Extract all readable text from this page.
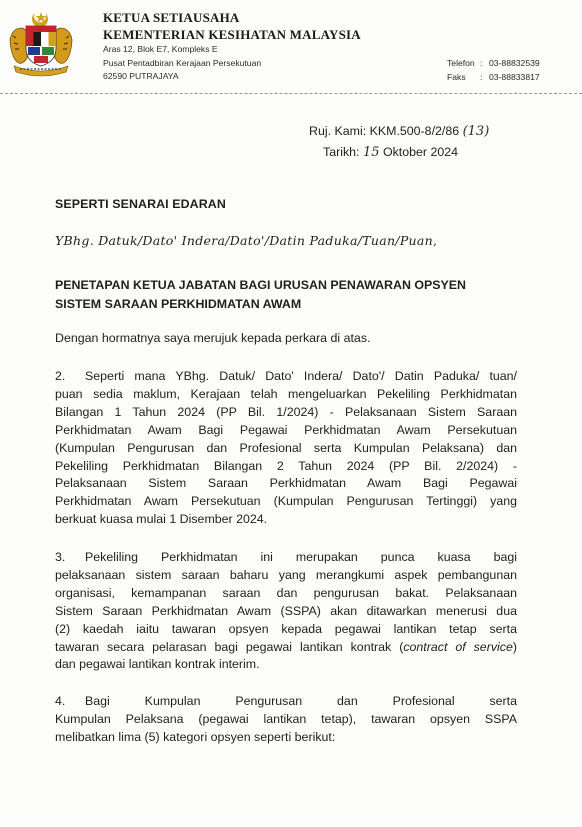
KETUA SETIAUSAHA
KEMENTERIAN KESIHATAN MALAYSIA
Aras 12, Blok E7, Kompleks E
Pusat Pentadbiran Kerajaan Persekutuan
62590 PUTRAJAYA
Telefon : 03-88832539
Faks	: 03-88833817
Ruj. Kami: KKM.500-8/2/86 (13)
Tarikh: 15 Oktober 2024
SEPERTI SENARAI EDARAN
YBhg. Datuk/Dato' Indera/Dato'/Datin Paduka/Tuan/Puan,
PENETAPAN KETUA JABATAN BAGI URUSAN PENAWARAN OPSYEN
SISTEM SARAAN PERKHIDMATAN AWAM
Dengan hormatnya saya merujuk kepada perkara di atas.
2. Seperti mana YBhg. Datuk/ Dato' Indera/ Dato'/ Datin Paduka/ tuan/
puan sedia maklum, Kerajaan telah mengeluarkan Pekeliling Perkhidmatan
Bilangan 1 Tahun 2024 (PP Bil. 1/2024) - Pelaksanaan Sistem Saraan
Perkhidmatan Awam Bagi Pegawai Perkhidmatan Awam Persekutuan
(Kumpulan Pengurusan dan Profesional serta Kumpulan Pelaksana) dan
Pekeliling Perkhidmatan Bilangan 2 Tahun 2024 (PP Bil. 2/2024) -
Pelaksanaan Sistem Saraan Perkhidmatan Awam Bagi Pegawai
Perkhidmatan Awam Persekutuan (Kumpulan Pengurusan Tertinggi) yang
berkuat kuasa mulai 1 Disember 2024.
3. Pekeliling Perkhidmatan ini merupakan punca kuasa bagi
pelaksanaan sistem saraan baharu yang merangkumi aspek pembangunan
organisasi, kemampanan saraan dan pengurusan bakat. Pelaksanaan
Sistem Saraan Perkhidmatan Awam (SSPA) akan ditawarkan menerusi dua
(2) kaedah iaitu tawaran opsyen kepada pegawai lantikan tetap serta
tawaran secara pelarasan bagi pegawai lantikan kontrak (contract of service)
dan pegawai lantikan kontrak interim.
4. Bagi Kumpulan Pengurusan dan Profesional serta
Kumpulan Pelaksana (pegawai lantikan tetap), tawaran opsyen SSPA
melibatkan lima (5) kategori opsyen seperti berikut:
